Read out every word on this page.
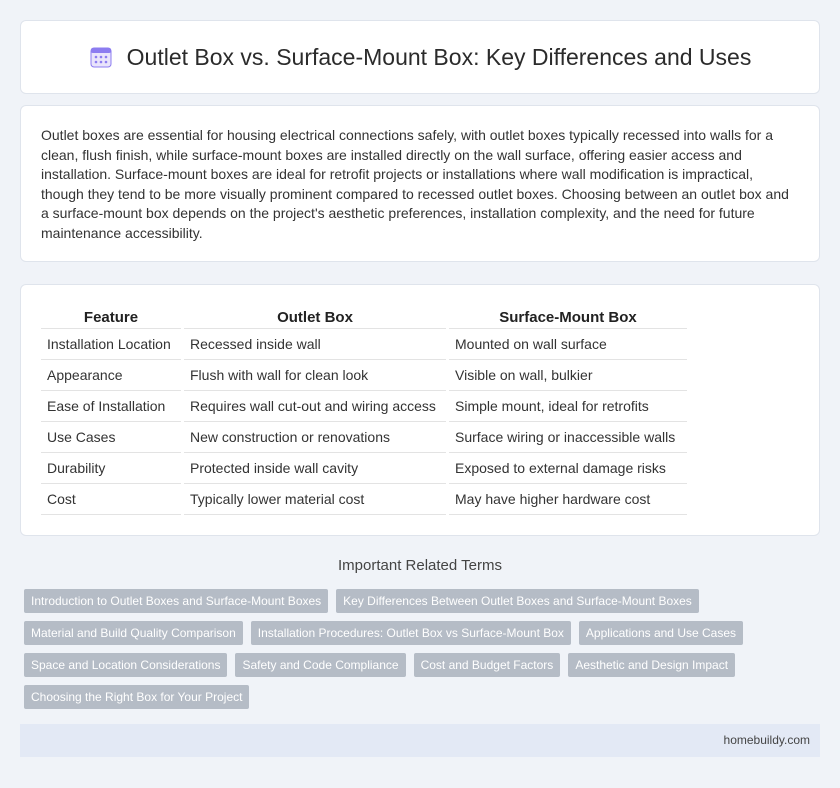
Outlet Box vs. Surface-Mount Box: Key Differences and Uses

Outlet boxes are essential for housing electrical connections safely, with outlet boxes typically recessed into walls for a clean, flush finish, while surface-mount boxes are installed directly on the wall surface, offering easier access and installation. Surface-mount boxes are ideal for retrofit projects or installations where wall modification is impractical, though they tend to be more visually prominent compared to recessed outlet boxes. Choosing between an outlet box and a surface-mount box depends on the project's aesthetic preferences, installation complexity, and the need for future maintenance accessibility.

Feature	Outlet Box	Surface-Mount Box
Installation Location	Recessed inside wall	Mounted on wall surface
Appearance	Flush with wall for clean look	Visible on wall, bulkier
Ease of Installation	Requires wall cut-out and wiring access	Simple mount, ideal for retrofits
Use Cases	New construction or renovations	Surface wiring or inaccessible walls
Durability	Protected inside wall cavity	Exposed to external damage risks
Cost	Typically lower material cost	May have higher hardware cost
Important Related Terms
Introduction to Outlet Boxes and Surface-Mount Boxes	Key Differences Between Outlet Boxes and Surface-Mount Boxes
Material and Build Quality Comparison	Installation Procedures: Outlet Box vs Surface-Mount Box	Applications and Use Cases
Space and Location Considerations	Safety and Code Compliance	Cost and Budget Factors	Aesthetic and Design Impact
Choosing the Right Box for Your Project
homebuildy.com
